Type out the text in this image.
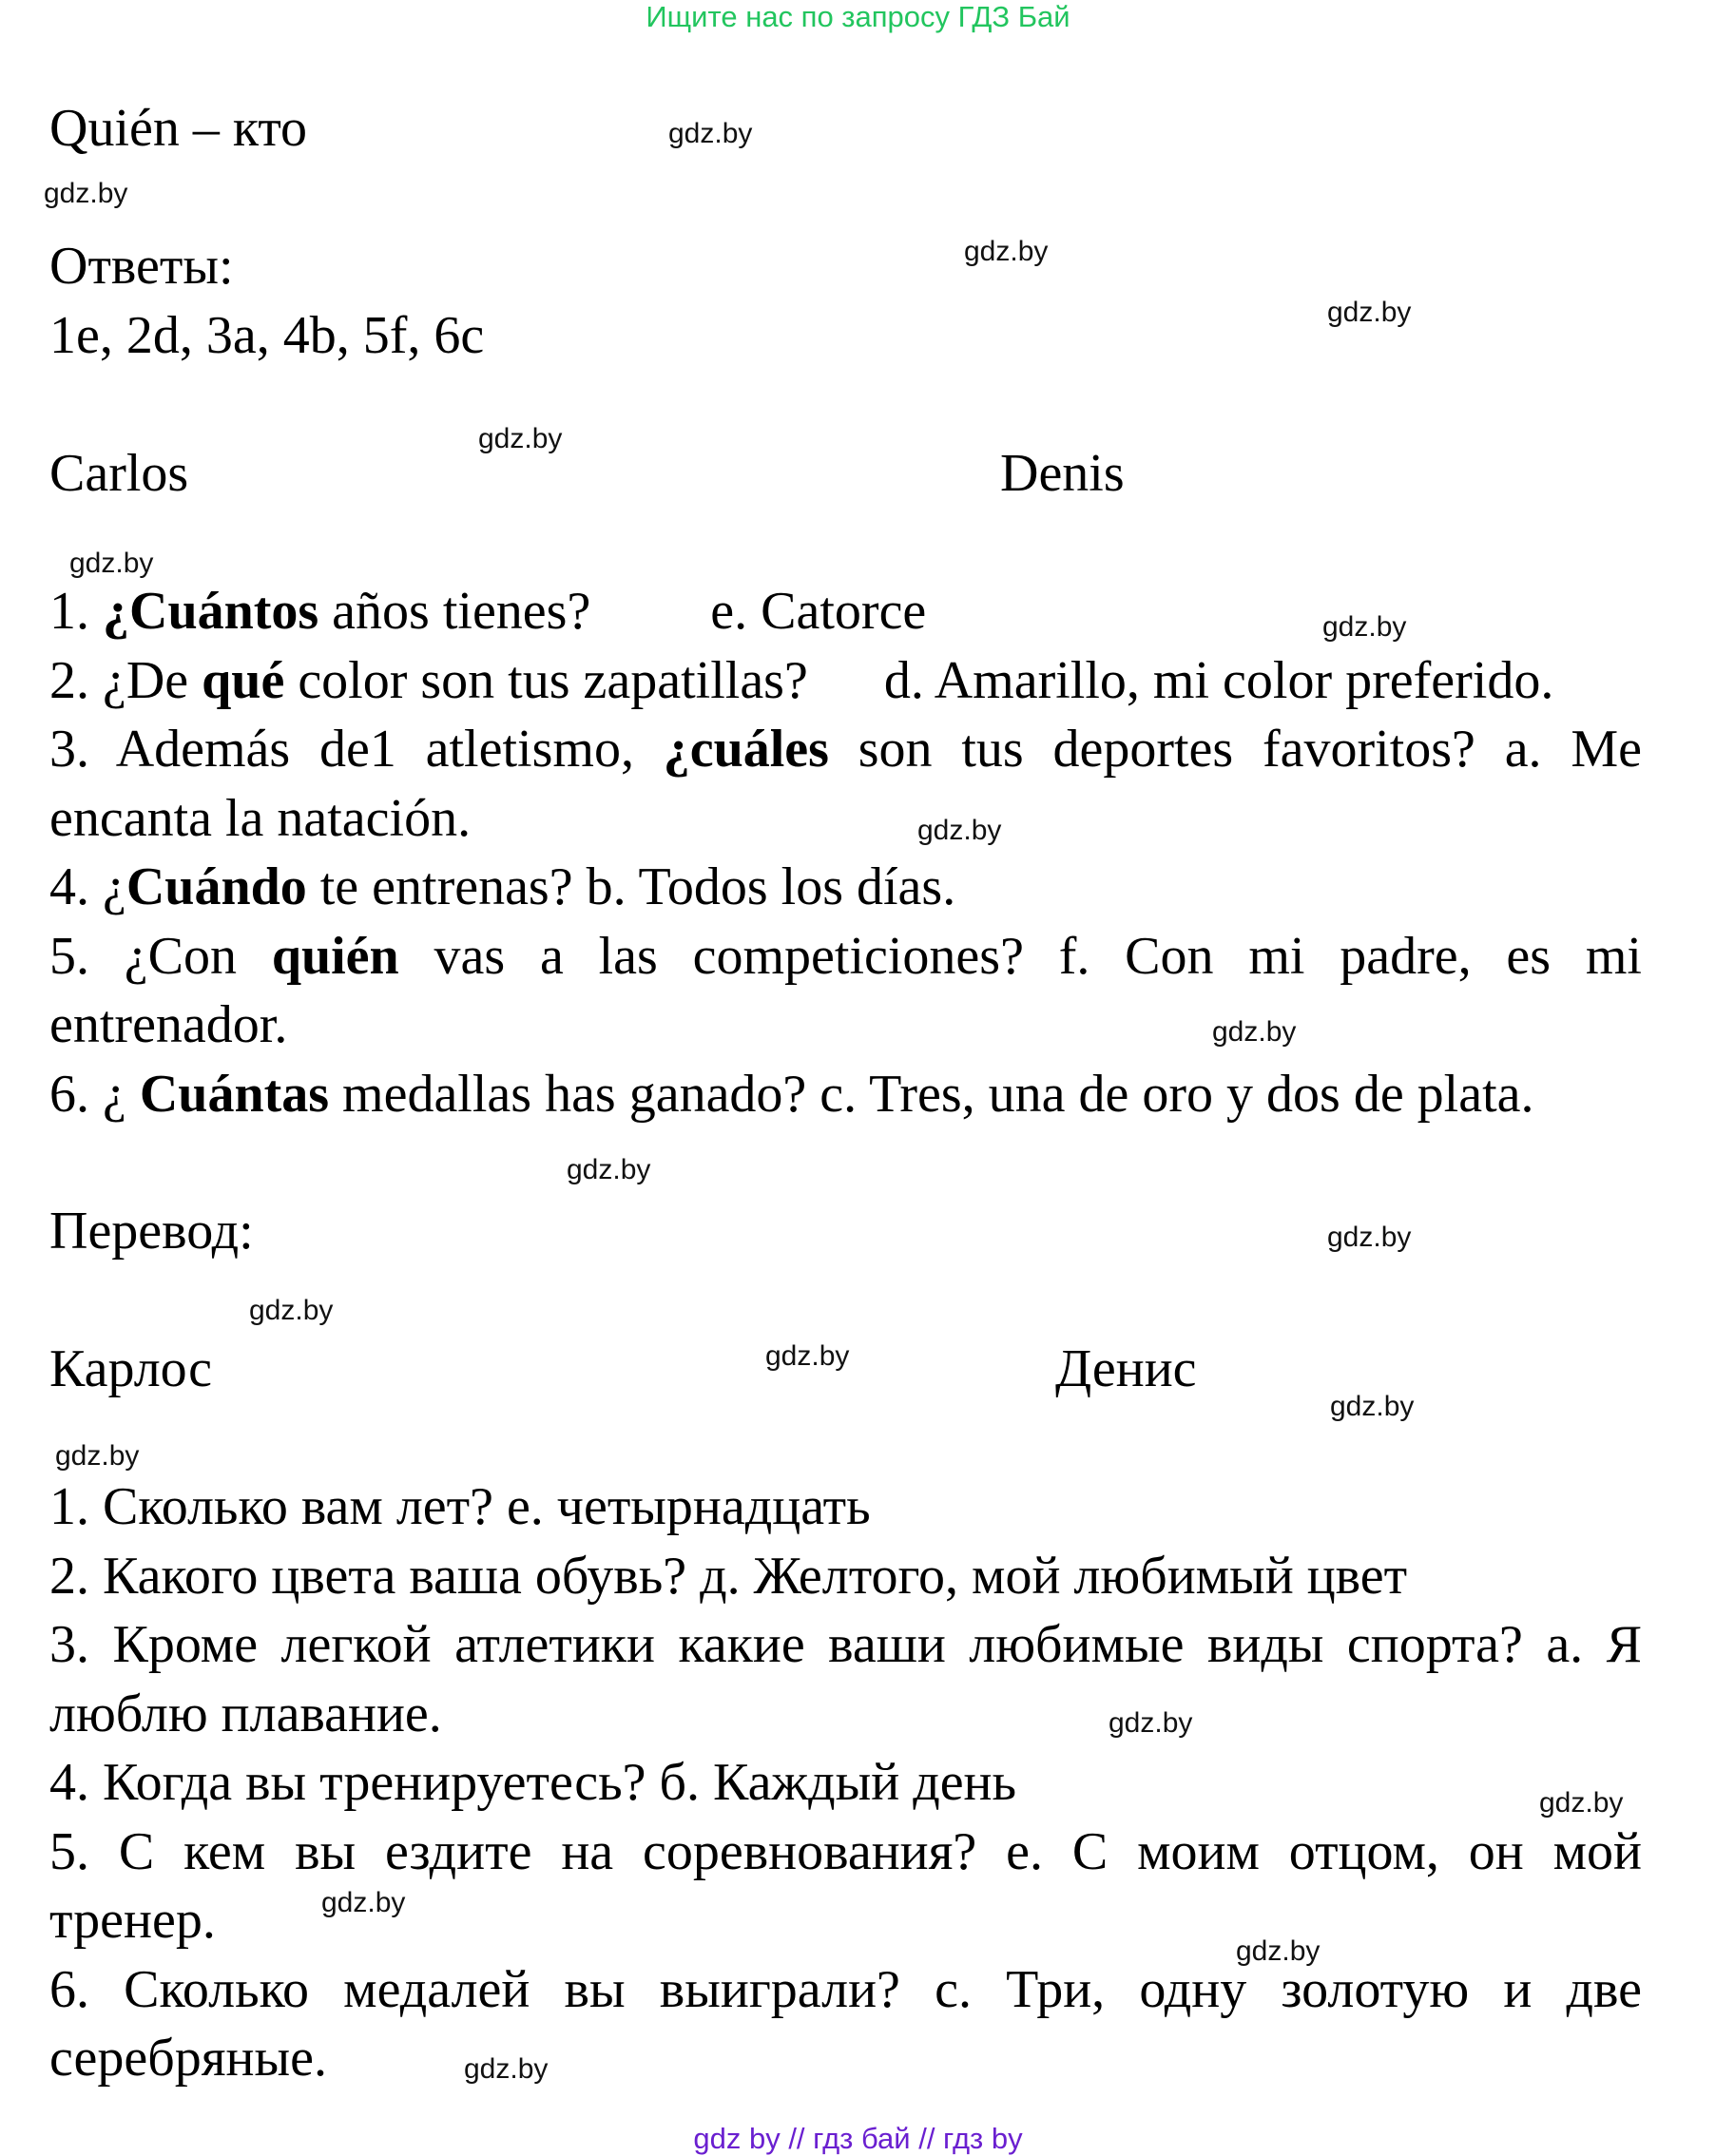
Ищите нас по запросу ГДЗ Бай
Quién – кто
Ответы:
1e, 2d, 3a, 4b, 5f, 6c
Carlos	Denis
1. ¿Cuántos años tienes? e. Catorce
2. ¿De qué color son tus zapatillas? d. Amarillo, mi color preferido.
3. Además de1 atletismo, ¿cuáles son tus deportes favoritos? a. Me
encanta la natación.
4. ¿Cuándo te entrenas? b. Todos los días.
5. ¿Con quién vas a las competiciones? f. Con mi padre, es mi
entrenador.
6. ¿ Cuántas medallas has ganado? c. Tres, una de oro y dos de plata.
Перевод:
Карлос	Денис
1. Сколько вам лет? е. четырнадцать
2. Какого цвета ваша обувь? д. Желтого, мой любимый цвет
3. Кроме легкой атлетики какие ваши любимые виды спорта? а. Я
люблю плавание.
4. Когда вы тренируетесь? б. Каждый день
5. С кем вы ездите на соревнования? е. С моим отцом, он мой
тренер.
6. Сколько медалей вы выиграли? с. Три, одну золотую и две
серебряные.
gdz.by
gdz.by
gdz.by
gdz.by
gdz.by
gdz.by
gdz.by
gdz.by
gdz.by
gdz.by
gdz.by
gdz.by
gdz.by
gdz.by
gdz.by
gdz.by
gdz.by
gdz.by
gdz.by
gdz.by
gdz by // гдз бай // гдз by
